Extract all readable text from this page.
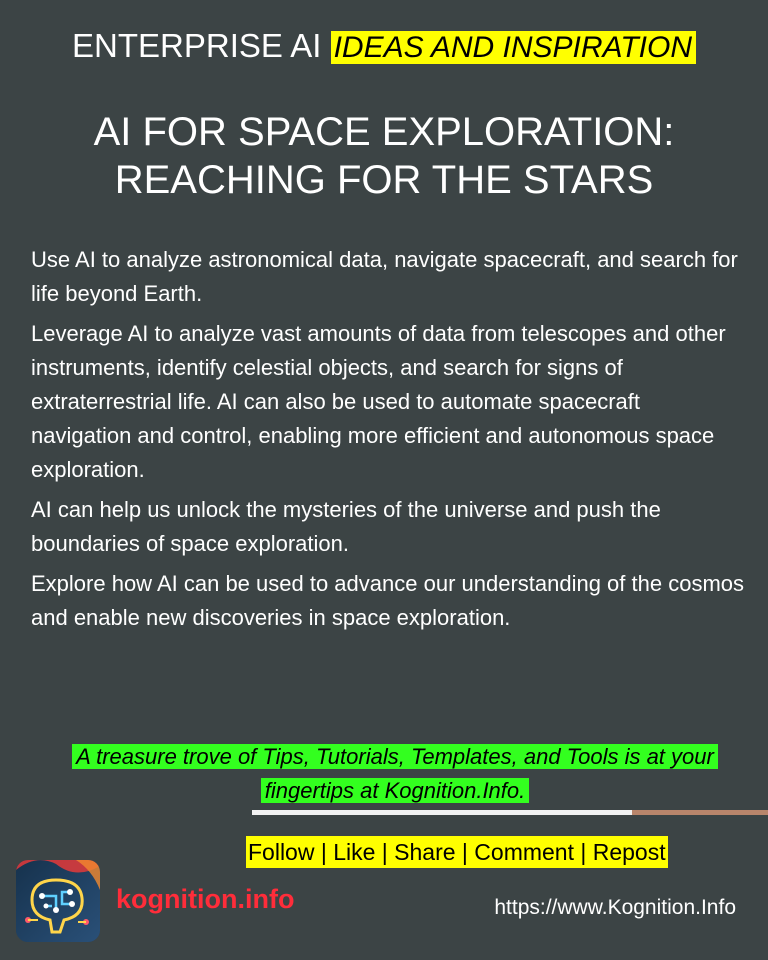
ENTERPRISE AI IDEAS AND INSPIRATION
AI FOR SPACE EXPLORATION:
REACHING FOR THE STARS

Use AI to analyze astronomical data, navigate spacecraft, and search for life beyond Earth.

Leverage AI to analyze vast amounts of data from telescopes and other instruments, identify celestial objects, and search for signs of extraterrestrial life. AI can also be used to automate spacecraft navigation and control, enabling more efficient and autonomous space exploration.

AI can help us unlock the mysteries of the universe and push the boundaries of space exploration.

Explore how AI can be used to advance our understanding of the cosmos and enable new discoveries in space exploration.

A treasure trove of Tips, Tutorials, Templates, and Tools is at your fingertips at Kognition.Info.
Follow | Like | Share | Comment | Repost
kognition.info	https://www.Kognition.Info
